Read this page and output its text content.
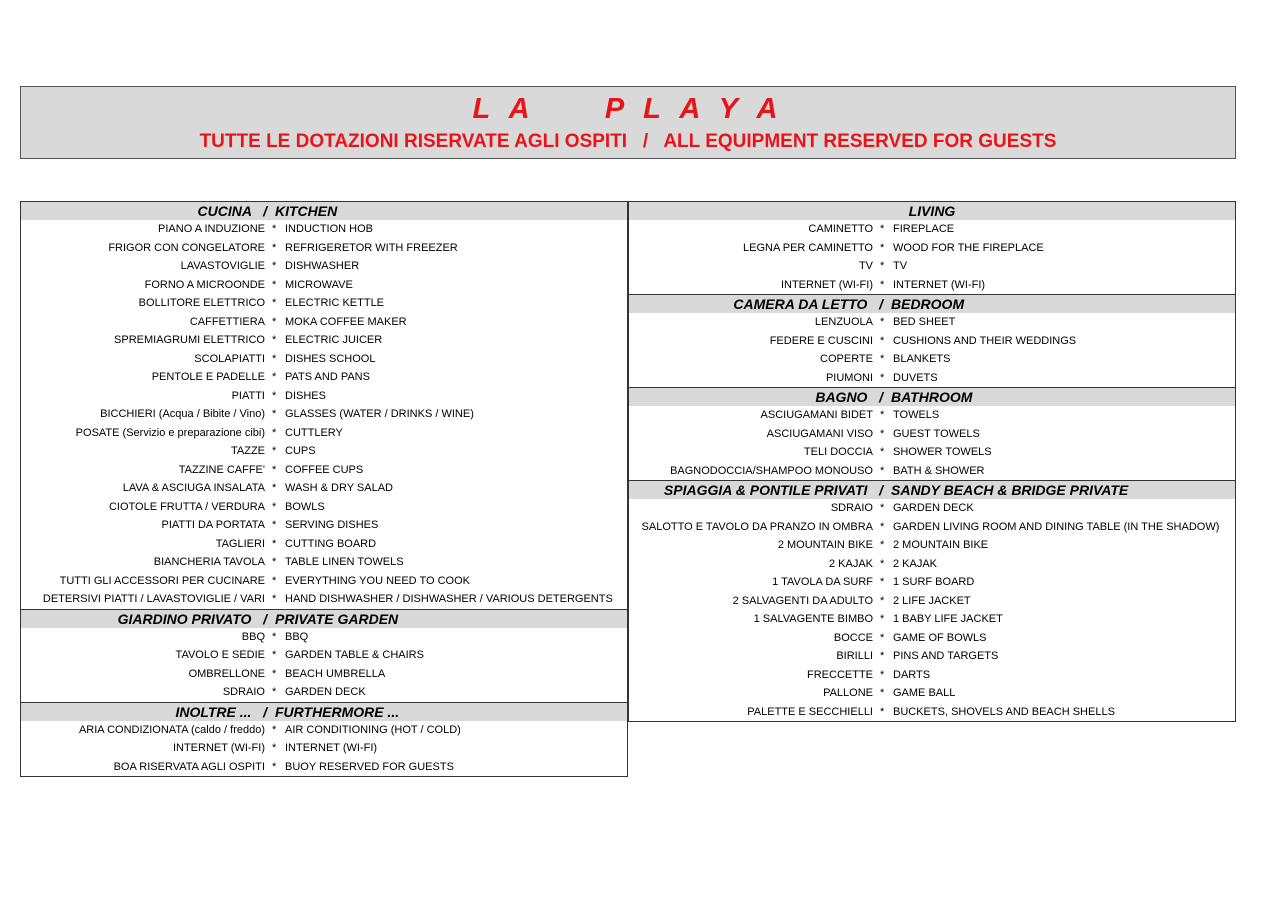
L A     P L A Y A
TUTTE LE DOTAZIONI RISERVATE AGLI OSPITI   /   ALL EQUIPMENT RESERVED FOR GUESTS
CUCINA   / KITCHEN
PIANO A INDUZIONE * INDUCTION HOB
FRIGOR CON CONGELATORE * REFRIGERETOR WITH FREEZER
LAVASTOVIGLIE * DISHWASHER
FORNO A MICROONDE * MICROWAVE
BOLLITORE ELETTRICO * ELECTRIC KETTLE
CAFFETTIERA * MOKA COFFEE MAKER
SPREMIAGRUMI ELETTRICO * ELECTRIC JUICER
SCOLAPIATTI * DISHES SCHOOL
PENTOLE E PADELLE * PATS AND PANS
PIATTI * DISHES
BICCHIERI (Acqua / Bibite / Vino) * GLASSES (WATER / DRINKS / WINE)
POSATE (Servizio e preparazione cibi) * CUTTLERY
TAZZE * CUPS
TAZZINE CAFFE' * COFFEE CUPS
LAVA & ASCIUGA INSALATA * WASH & DRY SALAD
CIOTOLE FRUTTA / VERDURA * BOWLS
PIATTI DA PORTATA * SERVING DISHES
TAGLIERI * CUTTING BOARD
BIANCHERIA TAVOLA * TABLE LINEN TOWELS
TUTTI GLI ACCESSORI PER CUCINARE * EVERYTHING YOU NEED TO COOK
DETERSIVI PIATTI / LAVASTOVIGLIE / VARI * HAND DISHWASHER / DISHWASHER / VARIOUS DETERGENTS
GIARDINO PRIVATO   / PRIVATE GARDEN
BBQ * BBQ
TAVOLO E SEDIE * GARDEN TABLE & CHAIRS
OMBRELLONE * BEACH UMBRELLA
SDRAIO * GARDEN DECK
INOLTRE ...   / FURTHERMORE ...
ARIA CONDIZIONATA (caldo / freddo) * AIR CONDITIONING (HOT / COLD)
INTERNET (WI-FI) * INTERNET (WI-FI)
BOA RISERVATA AGLI OSPITI * BUOY RESERVED FOR GUESTS
LIVING
CAMINETTO * FIREPLACE
LEGNA PER CAMINETTO * WOOD FOR THE FIREPLACE
TV * TV
INTERNET (WI-FI) * INTERNET (WI-FI)
CAMERA DA LETTO   / BEDROOM
LENZUOLA * BED SHEET
FEDERE E CUSCINI * CUSHIONS AND THEIR WEDDINGS
COPERTE * BLANKETS
PIUMONI * DUVETS
BAGNO   / BATHROOM
ASCIUGAMANI BIDET * TOWELS
ASCIUGAMANI VISO * GUEST TOWELS
TELI DOCCIA * SHOWER TOWELS
BAGNODOCCIA/SHAMPOO MONOUSO * BATH & SHOWER
SPIAGGIA & PONTILE PRIVATI   / SANDY BEACH & BRIDGE PRIVATE
SDRAIO * GARDEN DECK
SALOTTO E TAVOLO DA PRANZO IN OMBRA * GARDEN LIVING ROOM AND DINING TABLE (IN THE SHADOW)
2 MOUNTAIN BIKE * 2 MOUNTAIN BIKE
2 KAJAK * 2 KAJAK
1 TAVOLA DA SURF * 1 SURF BOARD
2 SALVAGENTI DA ADULTO * 2 LIFE JACKET
1 SALVAGENTE BIMBO * 1 BABY LIFE JACKET
BOCCE * GAME OF BOWLS
BIRILLI * PINS AND TARGETS
FRECCETTE * DARTS
PALLONE * GAME BALL
PALETTE E SECCHIELLI * BUCKETS, SHOVELS AND BEACH SHELLS
